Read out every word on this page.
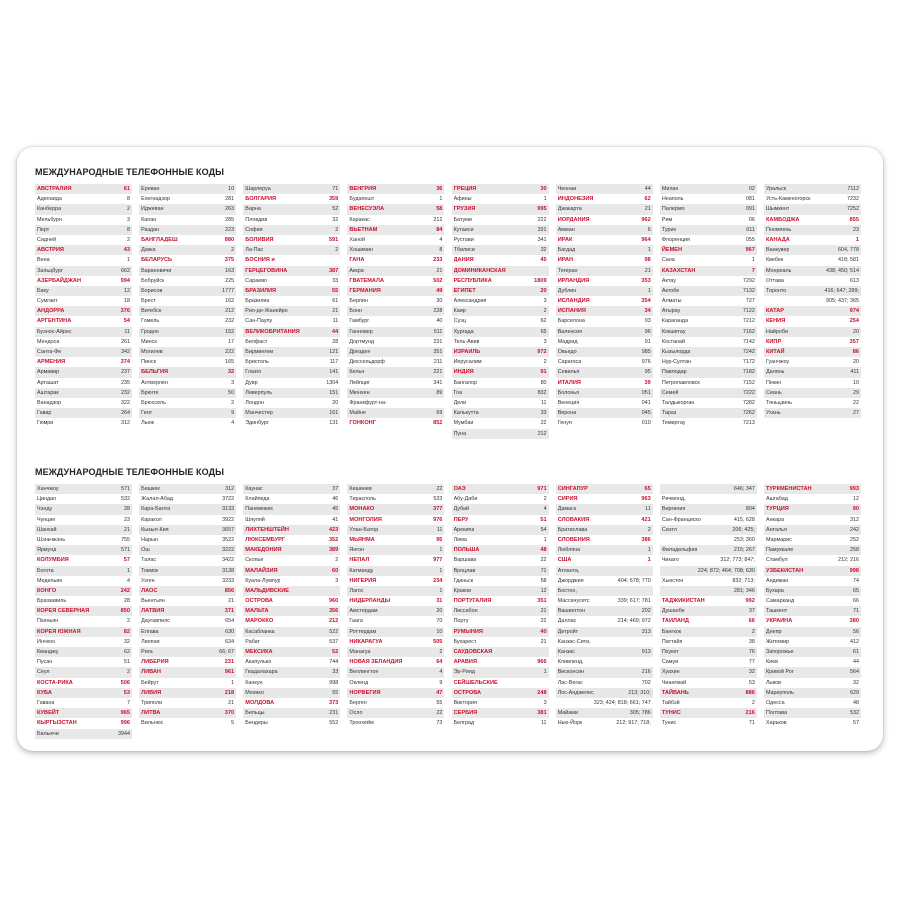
МЕЖДУНАРОДНЫЕ ТЕЛЕФОННЫЕ КОДЫ
АВСТРАЛИЯ	61
Аделаида	8
Канберра	2
Мельбурн	3
Перт	8
Сидней	2
АВСТРИЯ	43
Вена	1
Зальцбург	662
АЗЕРБАЙДЖАН	994
Баку	12
Сумгаит	18
АНДОРРА	376
АРГЕНТИНА	54
Буэнос-Айрес	11
Мендоса	261
Санта-Фе	342
АРМЕНИЯ	374
Армавир	237
Арташат	235
Аштарак	232
Ванадзор	322
Гавар	264
Гюмри	312
Ереван	10
Ехегнадзор	281
Иджеван	263
Капан	285
Раздан	223
БАНГЛАДЕШ	880
Дакка	2
БЕЛАРУСЬ	375
Барановичи	163
Бобруйск	225
Борисов	1777
Брест	162
Витебск	212
Гомель	232
Гродно	152
Минск	17
Могилев	222
Пинск	165
БЕЛЬГИЯ	32
Антверпен	3
Брюгге	50
Брюссель	2
Гент	9
Льеж	4
Шарлеруа	71
БОЛГАРИЯ	359
Варна	52
Пловдив	32
София	2
БОЛИВИЯ	591
Ла-Пас	2
БОСНИЯ и
ГЕРЦЕГОВИНА	387
Сараево	33
БРАЗИЛИЯ	55
Бразилиа	61
Рио-де-Жанейро	21
Сан-Паулу	11
ВЕЛИКОБРИТАНИЯ	44
Белфаст	28
Бирмингем	121
Бристоль	117
Глазго	141
Дувр	1304
Ливерпуль	151
Лондон	20
Манчестер	161
Эдинбург	131
ВЕНГРИЯ	36
Будапешт	1
ВЕНЕСУЭЛА	58
Каракас	212
ВЬЕТНАМ	84
Ханой	4
Хошимин	8
ГАНА	233
Аккра	21
ГВАТЕМАЛА	502
ГЕРМАНИЯ	49
Берлин	30
Бонн	228
Гамбург	40
Ганновер	511
Дортмунд	231
Дрезден	351
Дюссельдорф	211
Кельн	221
Лейпциг	341
Мюнхен	89
Франкфурт-на-
Майне	69
ГОНКОНГ	852
ГРЕЦИЯ	30
Афины	1
ГРУЗИЯ	995
Батуми	222
Кутаиси	331
Рустави	341
Тбилиси	32
ДАНИЯ	45
ДОМИНИКАНСКАЯ
РЕСПУБЛИКА	1809
ЕГИПЕТ	20
Александрия	3
Каир	2
Суэц	62
Хургада	65
Тель-Авив	3
ИЗРАИЛЬ	972
Иерусалим	2
ИНДИЯ	91
Бангалор	80
Гоа	832
Дели	11
Калькутта	33
Мумбаи	22
Пуна	212
Ченнаи	44
ИНДОНЕЗИЯ	62
Джакарта	21
ИОРДАНИЯ	962
Амман	6
ИРАК	964
Багдад	1
ИРАН	98
Тегеран	21
ИРЛАНДИЯ	353
Дублин	1
ИСЛАНДИЯ	354
ИСПАНИЯ	34
Барселона	93
Валенсия	96
Мадрид	91
Овьедо	985
Сарагоса	976
Севилья	95
ИТАЛИЯ	39
Болонья	051
Венеция	041
Верона	045
Генуя	010
Милан	02
Неаполь	081
Палермо	091
Рим	06
Турин	011
Флоренция	055
ЙЕМЕН	967
Сана	1
КАЗАХСТАН	7
Актау	7292
Актобе	7132
Алматы	727
Атырау	7122
Караганда	7212
Кокшетау	7162
Костанай	7142
Кызылорда	7242
Нур-Султан	7172
Павлодар	7182
Петропавловск	7152
Семей	7222
Талдыкорган	7282
Тараз	7262
Темиртау	7213
Уральск	7112
Усть-Каменогорск	7232
Шымкент	7252
КАМБОДЖА	855
Пномпень	23
КАНАДА	1
Ванкувер	604, 778
Квебек	418; 581
Монреаль	438; 450; 514
Оттава	613
Торонто	416; 647; 289;
905; 437; 365
КАТАР	974
КЕНИЯ	254
Найроби	20
КИПР	357
КИТАЙ	86
Гуанчжоу	20
Далянь	411
Пекин	10
Сиань	29
Тяньцзинь	22
Ухань	27
МЕЖДУНАРОДНЫЕ ТЕЛЕФОННЫЕ КОДЫ
Ханчжоу	571
Циндао	532
Чэнду	28
Чунцин	23
Шанхай	21
Шэньчжэнь	755
Ярмунд	571
КОЛУМБИЯ	57
Богота	1
Медельин	4
КОНГО	242
Браззавиль	28
КОРЕЯ СЕВЕРНАЯ	850
Пхеньян	2
КОРЕЯ ЮЖНАЯ	82
Инчхон	32
Кванджу	62
Пусан	51
Сеул	2
КОСТА-РИКА	506
КУБА	53
Гавана	7
КУВЕЙТ	965
КЫРГЫЗСТАН	996
Балыкчи	3944
Бишкек	312
Жалал-Абад	3722
Кара-Балта	3133
Каракол	3922
Кызыл-Кия	3657
Нарын	3522
Ош	3222
Талас	3422
Токмок	3138
Узген	3233
ЛАОС	856
Вьентьян	21
ЛАТВИЯ	371
Даугавпилс	654
Елгава	630
Лиепая	634
Рига	66; 67
ЛИБЕРИЯ	231
ЛИВАН	961
Бейрут	1
ЛИВИЯ	218
Триполи	21
ЛИТВА	370
Вильнюс	5
Каунас	37
Клайпеда	46
Паневежис	45
Шяуляй	41
ЛИХТЕНШТЕЙН	423
ЛЮКСЕМБУРГ	352
МАКЕДОНИЯ	389
Скопье	2
МАЛАЙЗИЯ	60
Куала-Лумпур	3
МАЛЬДИВСКИЕ
ОСТРОВА	960
МАЛЬТА	356
МАРОККО	212
Касабланка	522
Рабат	537
МЕКСИКА	52
Акапулько	744
Гвадалахара	33
Канкун	998
Мехико	55
МОЛДОВА	373
Бельцы	231
Бендеры	552
Кишинев	22
Тирасполь	533
МОНАКО	377
МОНГОЛИЯ	976
Улан-Батор	11
МЬЯНМА	95
Янгон	1
НЕПАЛ	977
Катманду	1
НИГЕРИЯ	234
Лагос	1
НИДЕРЛАНДЫ	31
Амстердам	20
Гаага	70
Роттердам	10
НИКАРАГУА	505
Манагуа	2
НОВАЯ ЗЕЛАНДИЯ	64
Веллингтон	4
Окленд	9
НОРВЕГИЯ	47
Берген	55
Осло	22
Тронхейм	73
ОАЭ	971
Абу-Даби	2
Дубай	4
ПЕРУ	51
Арекипа	54
Лима	1
ПОЛЬША	48
Варшава	22
Вроцлав	71
Гданьск	58
Краков	12
ПОРТУГАЛИЯ	351
Лиссабон	21
Порту	22
РУМЫНИЯ	40
Бухарест	21
САУДОВСКАЯ
АРАВИЯ	966
Эр-Рияд	1
СЕЙШЕЛЬСКИЕ
ОСТРОВА	248
Виктория	3
СЕРБИЯ	381
Белград	11
СИНГАПУР	65
СИРИЯ	963
Дамаск	11
СЛОВАКИЯ	421
Братислава	2
СЛОВЕНИЯ	386
Любляна	1
США	1
Атланта,
Джорджия	404; 678; 770
Бостон,
Массачусетс	339; 617; 781
Вашингтон	202
Даллас	214; 469; 972
Детройт	313
Канзас-Сити,
Канзас	913
Кливленд,
Висконсин	216
Лас-Вегас	702
Лос-Анджелес	213; 310;
323; 424; 818; 661; 747
Майами	305; 786
Нью-Йорк	212; 917; 718;
646; 347
Ричмонд,
Виргиния	804
Сан-Франциско	415, 628
Сиэтл	206; 425;
253; 360
Филадельфия	215; 267
Чикаго	312; 773; 847;
224; 872; 464; 708; 630
Хьюстон	832; 713;
281; 346
ТАДЖИКИСТАН	992
Душанбе	37
ТАИЛАНД	66
Бангкок	2
Паттайя	38
Пхукет	76
Самуи	77
Хуахин	32
Чиангмай	53
ТАЙВАНЬ	886
Тайбэй	2
ТУНИС	216
Тунис	71
ТУРКМЕНИСТАН	993
Ашгабад	12
ТУРЦИЯ	90
Анкара	312
Анталья	242
Мармарис	252
Памуккале	258
Стамбул	212; 216
УЗБЕКИСТАН	998
Андижан	74
Бухара	65
Самарканд	66
Ташкент	71
УКРАИНА	380
Днепр	56
Житомир	412
Запорожье	61
Киев	44
Кривой Рог	564
Львов	32
Мариуполь	629
Одесса	48
Полтава	532
Харьков	57
